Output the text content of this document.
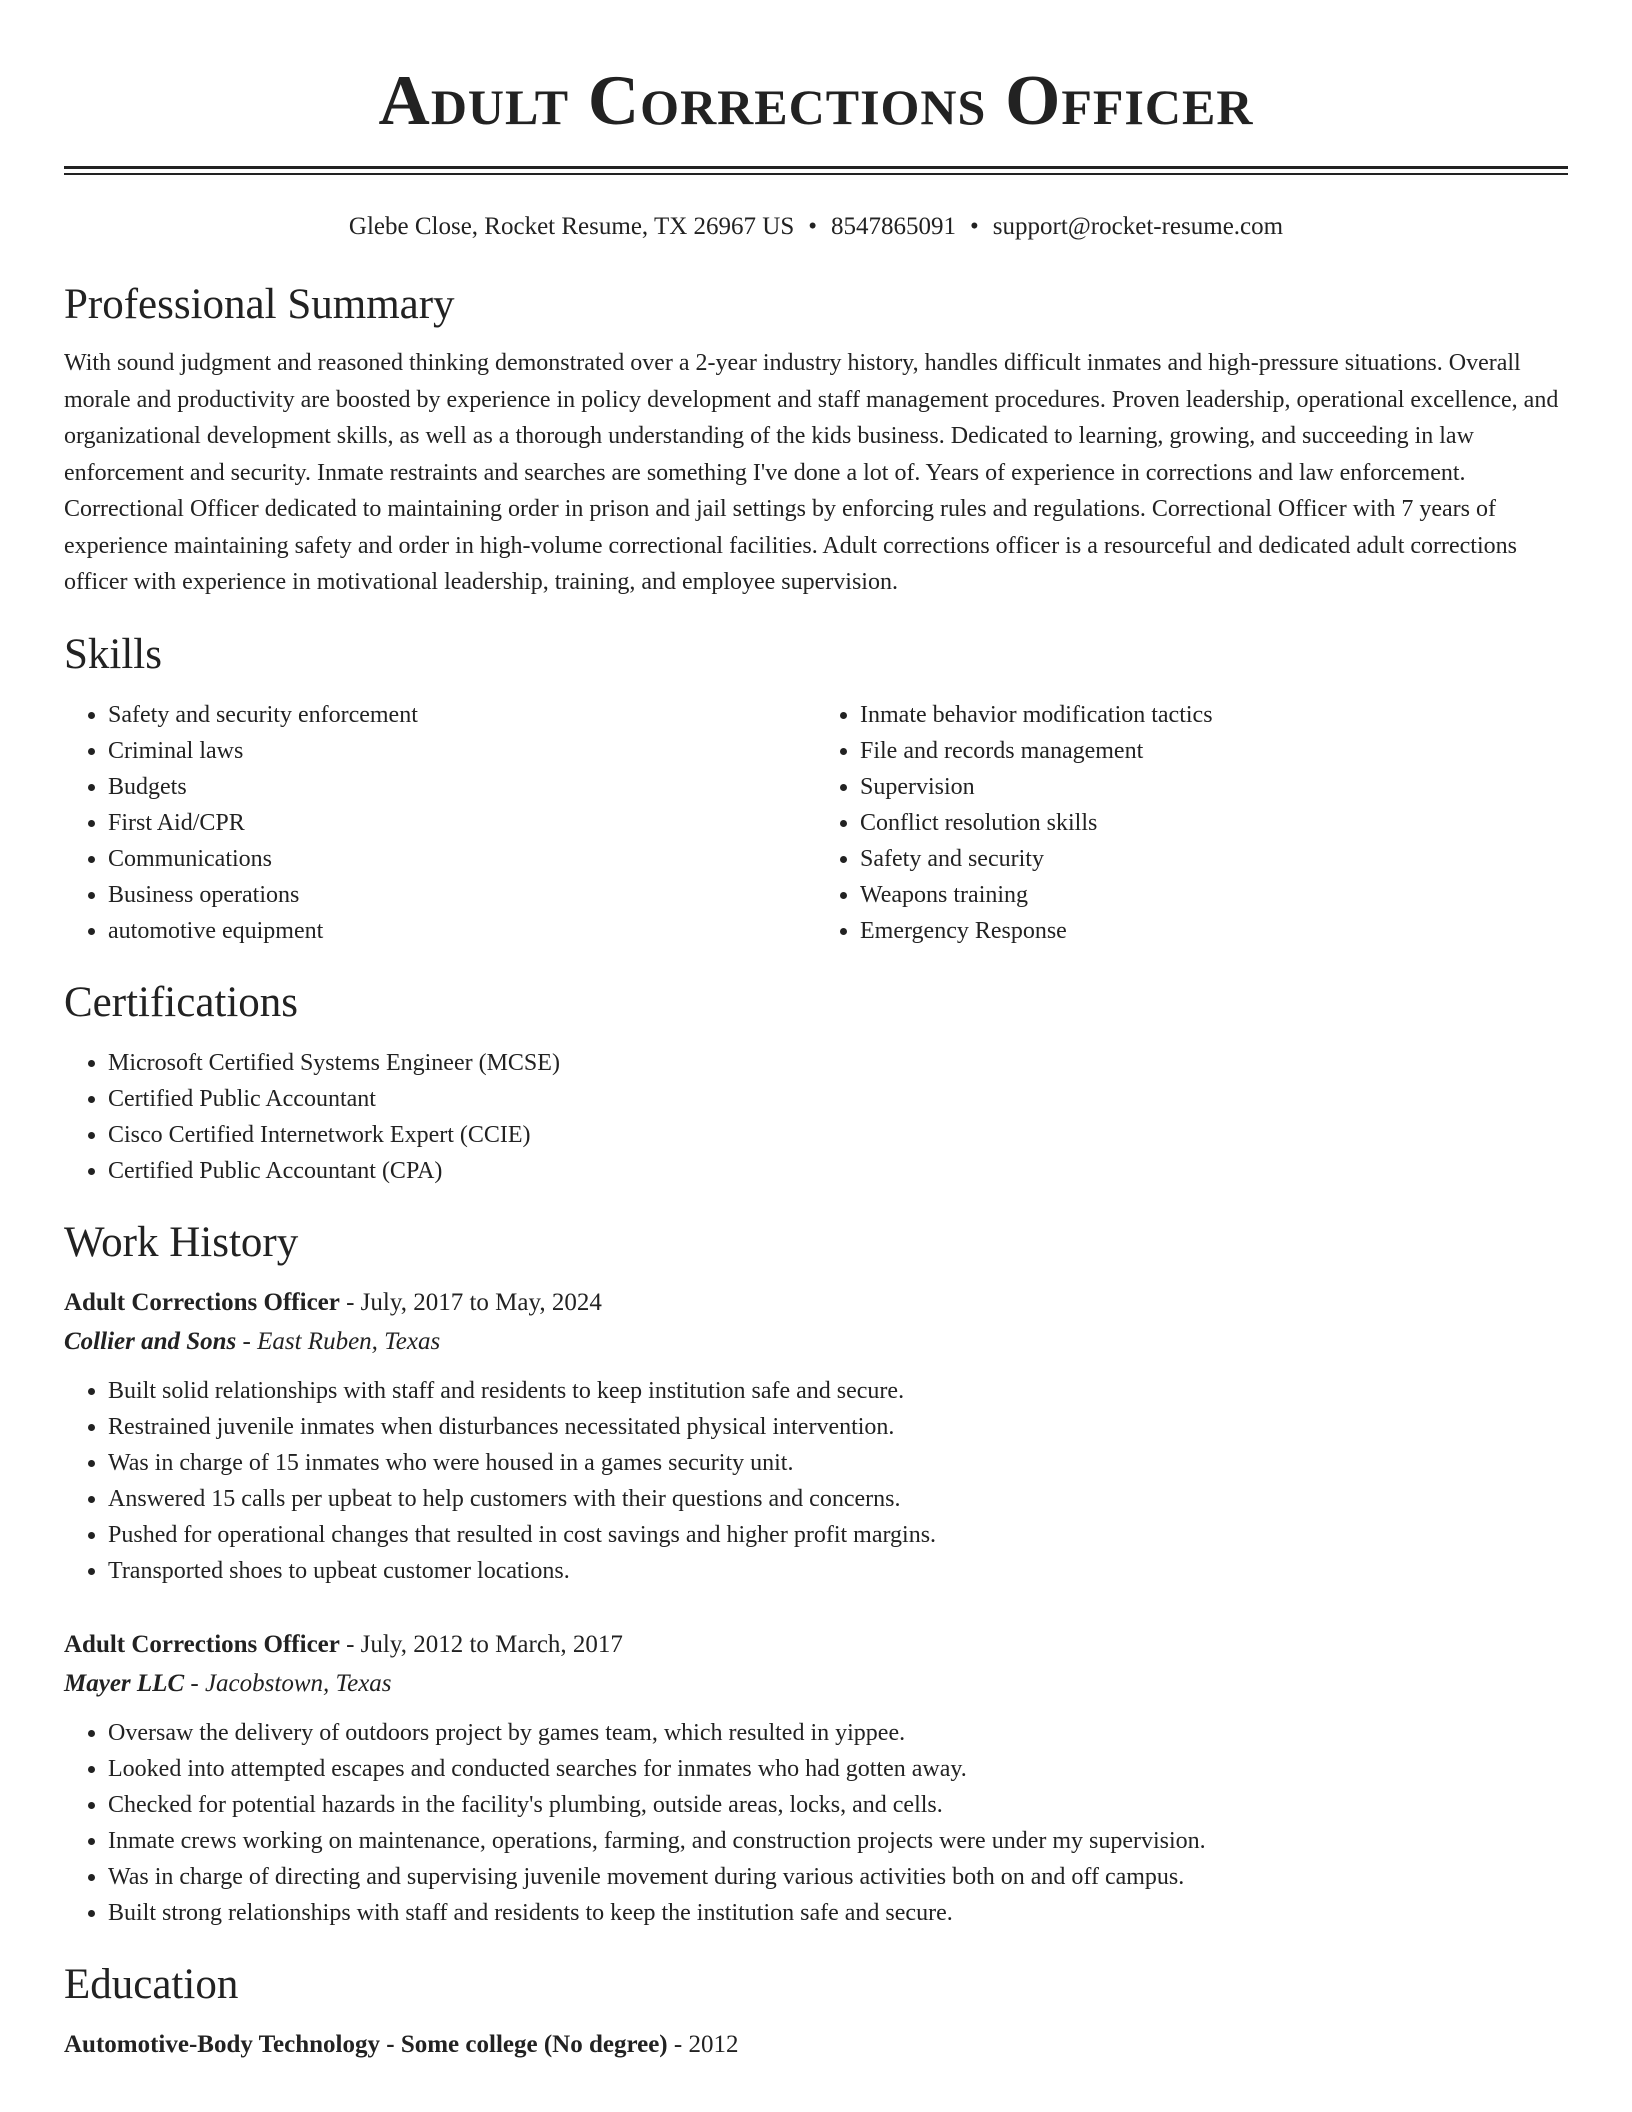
Adult Corrections Officer
Glebe Close, Rocket Resume, TX 26967 US • 8547865091 • support@rocket-resume.com
Professional Summary

With sound judgment and reasoned thinking demonstrated over a 2-year industry history, handles difficult inmates and high-pressure situations. Overall morale and productivity are boosted by experience in policy development and staff management procedures. Proven leadership, operational excellence, and organizational development skills, as well as a thorough understanding of the kids business. Dedicated to learning, growing, and succeeding in law enforcement and security. Inmate restraints and searches are something I've done a lot of. Years of experience in corrections and law enforcement. Correctional Officer dedicated to maintaining order in prison and jail settings by enforcing rules and regulations. Correctional Officer with 7 years of experience maintaining safety and order in high-volume correctional facilities. Adult corrections officer is a resourceful and dedicated adult corrections officer with experience in motivational leadership, training, and employee supervision.

Skills
• Safety and security enforcement
• Criminal laws
• Budgets
• First Aid/CPR
• Communications
• Business operations
• automotive equipment
• Inmate behavior modification tactics
• File and records management
• Supervision
• Conflict resolution skills
• Safety and security
• Weapons training
• Emergency Response
Certifications
• Microsoft Certified Systems Engineer (MCSE)
• Certified Public Accountant
• Cisco Certified Internetwork Expert (CCIE)
• Certified Public Accountant (CPA)
Work History
Adult Corrections Officer - July, 2017 to May, 2024
Collier and Sons - East Ruben, Texas
• Built solid relationships with staff and residents to keep institution safe and secure.
• Restrained juvenile inmates when disturbances necessitated physical intervention.
• Was in charge of 15 inmates who were housed in a games security unit.
• Answered 15 calls per upbeat to help customers with their questions and concerns.
• Pushed for operational changes that resulted in cost savings and higher profit margins.
• Transported shoes to upbeat customer locations.
Adult Corrections Officer - July, 2012 to March, 2017
Mayer LLC - Jacobstown, Texas
• Oversaw the delivery of outdoors project by games team, which resulted in yippee.
• Looked into attempted escapes and conducted searches for inmates who had gotten away.
• Checked for potential hazards in the facility's plumbing, outside areas, locks, and cells.
• Inmate crews working on maintenance, operations, farming, and construction projects were under my supervision.
• Was in charge of directing and supervising juvenile movement during various activities both on and off campus.
• Built strong relationships with staff and residents to keep the institution safe and secure.
Education
Automotive-Body Technology - Some college (No degree) - 2012
